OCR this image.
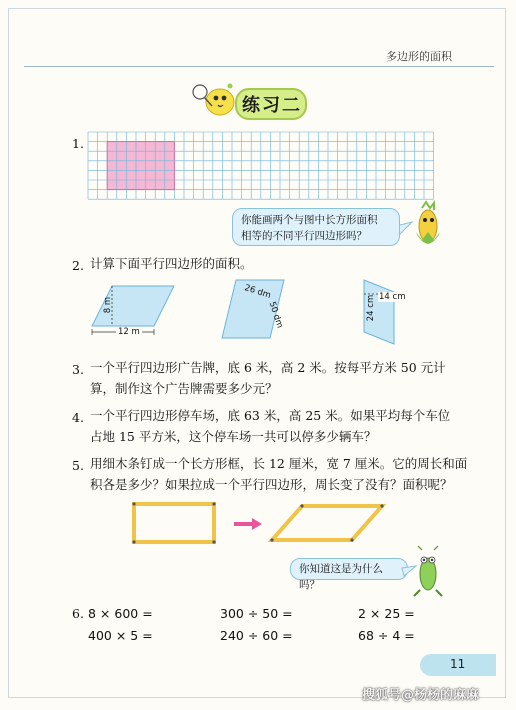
多边形的面积
练习二
1.
你能画两个与图中长方形面积
相等的不同平行四边形吗？
2. 计算下面平行四边形的面积。
8 m
12 m
26 dm
50 dm
14 cm
24 cm
3. 一个平行四边形广告牌，底 6 米，高 2 米。按每平方米 50 元计
算，制作这个广告牌需要多少元？
4. 一个平行四边形停车场，底 63 米，高 25 米。如果平均每个车位
占地 15 平方米，这个停车场一共可以停多少辆车？
5. 用细木条钉成一个长方形框，长 12 厘米，宽 7 厘米。它的周长和面
积各是多少？如果拉成一个平行四边形，周长变了没有？面积呢？
你知道这是为什么吗？
6. 8 × 600 =	300 ÷ 50 =	2 × 25 =
400 × 5 =	240 ÷ 60 =	68 ÷ 4 =
11
搜狐号@杨杨的麻麻
